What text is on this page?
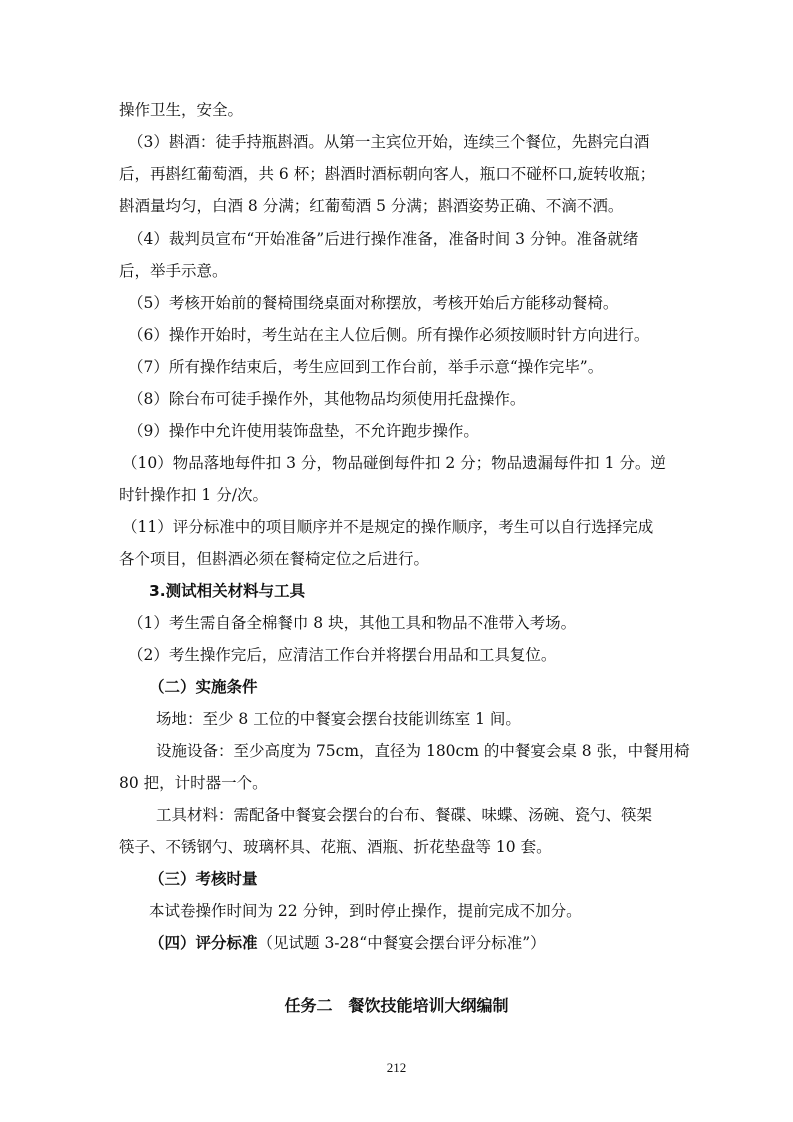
操作卫生，安全。
（3）斟酒：徒手持瓶斟酒。从第一主宾位开始，连续三个餐位，先斟完白酒
后，再斟红葡萄酒，共 6 杯；斟酒时酒标朝向客人，瓶口不碰杯口,旋转收瓶；
斟酒量均匀，白酒 8 分满；红葡萄酒 5 分满；斟酒姿势正确、不滴不洒。
（4）裁判员宣布“开始准备”后进行操作准备，准备时间 3 分钟。准备就绪
后，举手示意。
（5）考核开始前的餐椅围绕桌面对称摆放，考核开始后方能移动餐椅。
（6）操作开始时，考生站在主人位后侧。所有操作必须按顺时针方向进行。
（7）所有操作结束后，考生应回到工作台前，举手示意“操作完毕”。
（8）除台布可徒手操作外，其他物品均须使用托盘操作。
（9）操作中允许使用装饰盘垫，不允许跑步操作。
（10）物品落地每件扣 3 分，物品碰倒每件扣 2 分；物品遗漏每件扣 1 分。逆
时针操作扣 1 分/次。
（11）评分标准中的项目顺序并不是规定的操作顺序，考生可以自行选择完成
各个项目，但斟酒必须在餐椅定位之后进行。
3.测试相关材料与工具
（1）考生需自备全棉餐巾 8 块，其他工具和物品不准带入考场。
（2）考生操作完后，应清洁工作台并将摆台用品和工具复位。
（二）实施条件
场地：至少 8 工位的中餐宴会摆台技能训练室 1 间。
设施设备：至少高度为 75cm，直径为 180cm 的中餐宴会桌 8 张，中餐用椅
80 把，计时器一个。
工具材料：需配备中餐宴会摆台的台布、餐碟、味蝶、汤碗、瓷勺、筷架
筷子、不锈钢勺、玻璃杯具、花瓶、酒瓶、折花垫盘等 10 套。
（三）考核时量
本试卷操作时间为 22 分钟，到时停止操作，提前完成不加分。
（四）评分标准（见试题 3-28“中餐宴会摆台评分标准”）
任务二　餐饮技能培训大纲编制
212
